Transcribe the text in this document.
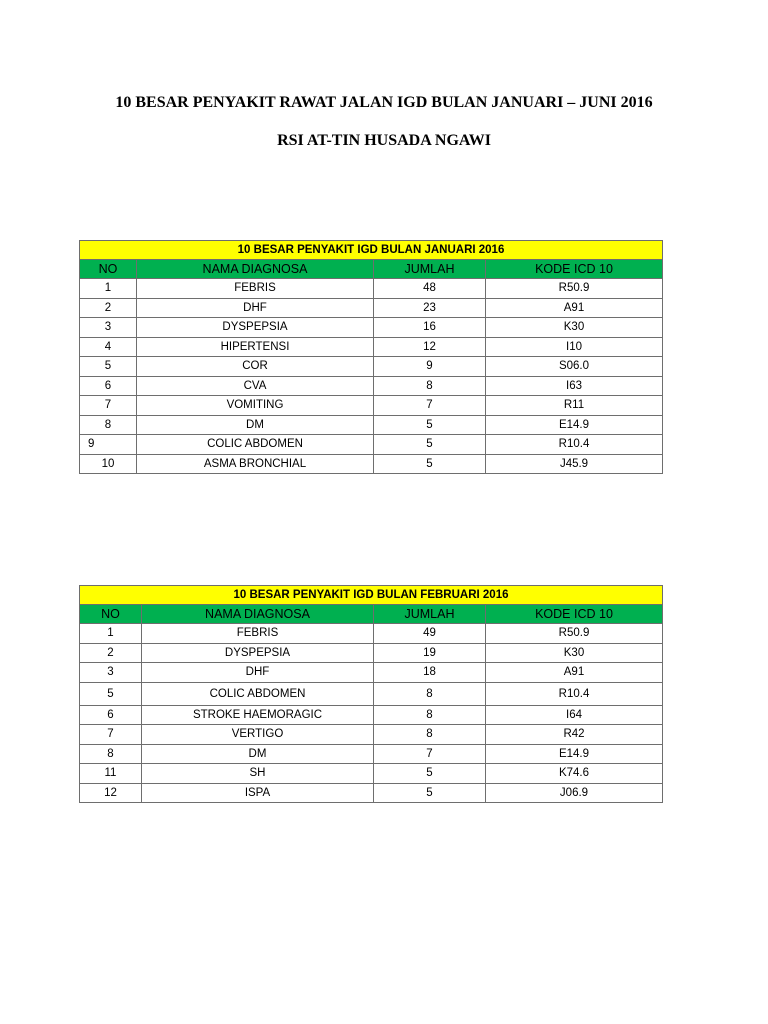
10 BESAR PENYAKIT RAWAT JALAN IGD BULAN JANUARI – JUNI 2016
RSI AT-TIN HUSADA NGAWI
10 BESAR PENYAKIT IGD BULAN JANUARI 2016			
NO	NAMA DIAGNOSA	JUMLAH	KODE ICD 10
1	FEBRIS	48	R50.9
2	DHF	23	A91
3	DYSPEPSIA	16	K30
4	HIPERTENSI	12	I10
5	COR	9	S06.0
6	CVA	8	I63
7	VOMITING	7	R11
8	DM	5	E14.9
9	COLIC ABDOMEN	5	R10.4
10	ASMA BRONCHIAL	5	J45.9
10 BESAR PENYAKIT IGD BULAN FEBRUARI 2016			
NO	NAMA DIAGNOSA	JUMLAH	KODE ICD 10
1	FEBRIS	49	R50.9
2	DYSPEPSIA	19	K30
3	DHF	18	A91
5	COLIC ABDOMEN	8	R10.4
6	STROKE HAEMORAGIC	8	I64
7	VERTIGO	8	R42
8	DM	7	E14.9
11	SH	5	K74.6
12	ISPA	5	J06.9
